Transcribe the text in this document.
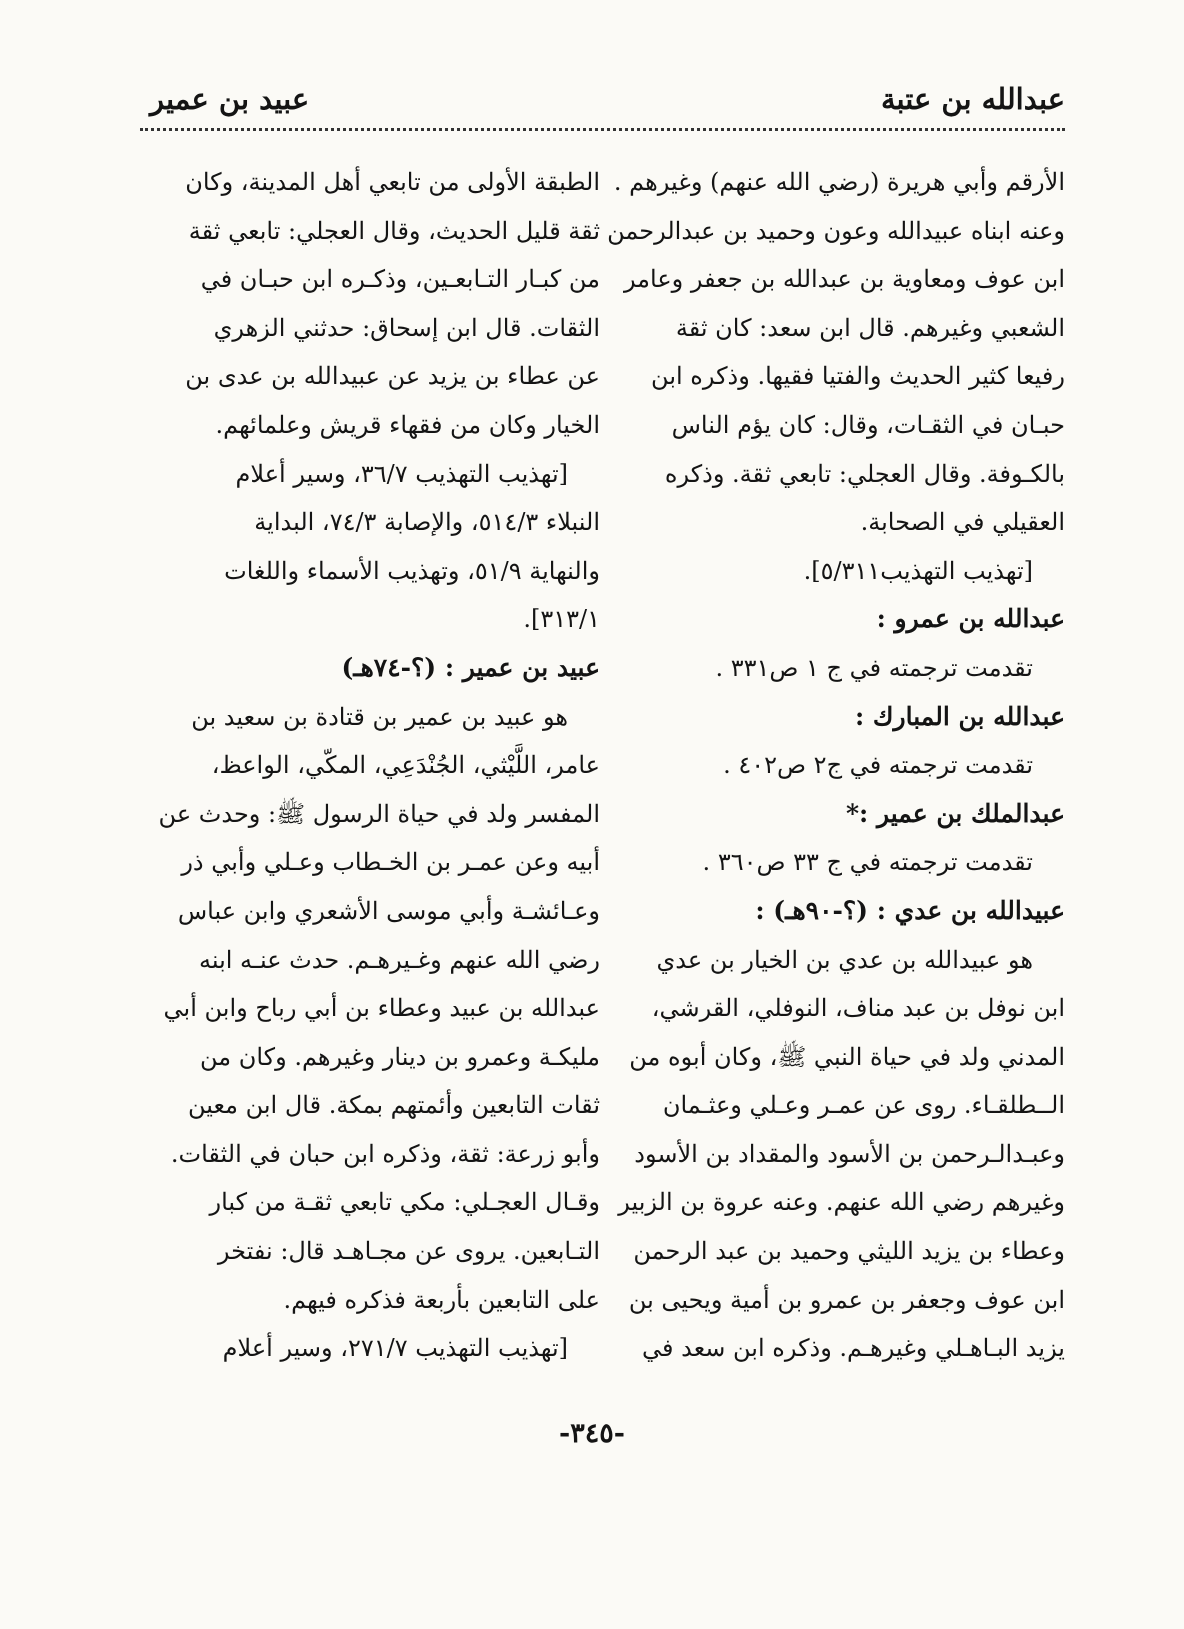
عبدالله بن عتبة
عبيد بن عمير
الأرقم وأبي هريرة (رضي الله عنهم) وغيرهم .
وعنه ابناه عبيدالله وعون وحميد بن عبدالرحمن
ابن عوف ومعاوية بن عبدالله بن جعفر وعامر
الشعبي وغيرهم. قال ابن سعد: كان ثقة
رفيعا كثير الحديث والفتيا فقيها. وذكره ابن
حبـان في الثقـات، وقال: كان يؤم الناس
بالكـوفة. وقال العجلي: تابعي ثقة. وذكره
العقيلي في الصحابة.
[تهذيب التهذيب٥/٣١١].
عبدالله بن عمرو :
تقدمت ترجمته في ج ١ ص٣٣١ .
عبدالله بن المبارك :
تقدمت ترجمته في ج٢ ص٤٠٢ .
عبدالملك بن عمير :*
تقدمت ترجمته في ج ٣٣ ص٣٦٠ .
عبيدالله بن عدي : (؟-٩٠هـ) :
هو عبيدالله بن عدي بن الخيار بن عدي
ابن نوفل بن عبد مناف، النوفلي، القرشي،
المدني ولد في حياة النبي ﷺ، وكان أبوه من
الــطلقـاء. روى عن عمـر وعـلي وعثـمان
وعبـدالـرحمن بن الأسود والمقداد بن الأسود
وغيرهم رضي الله عنهم. وعنه عروة بن الزبير
وعطاء بن يزيد الليثي وحميد بن عبد الرحمن
ابن عوف وجعفر بن عمرو بن أمية ويحيى بن
يزيد البـاهـلي وغيرهـم. وذكره ابن سعد في
الطبقة الأولى من تابعي أهل المدينة، وكان
ثقة قليل الحديث، وقال العجلي: تابعي ثقة
من كبـار التـابعـين، وذكـره ابن حبـان في
الثقات. قال ابن إسحاق: حدثني الزهري
عن عطاء بن يزيد عن عبيدالله بن عدى بن
الخيار وكان من فقهاء قريش وعلمائهم.
[تهذيب التهذيب ٣٦/٧، وسير أعلام
النبلاء ٥١٤/٣، والإصابة ٧٤/٣، البداية
والنهاية ٥١/٩، وتهذيب الأسماء واللغات
٣١٣/١].
عبيد بن عمير : (؟-٧٤هـ)
هو عبيد بن عمير بن قتادة بن سعيد بن
عامر، اللَّيْثي، الجُنْدَعِي، المكّي، الواعظ،
المفسر ولد في حياة الرسول ﷺ: وحدث عن
أبيه وعن عمـر بن الخـطاب وعـلي وأبي ذر
وعـائشـة وأبي موسى الأشعري وابن عباس
رضي الله عنهم وغـيرهـم. حدث عنـه ابنه
عبدالله بن عبيد وعطاء بن أبي رباح وابن أبي
مليكـة وعمرو بن دينار وغيرهم. وكان من
ثقات التابعين وأئمتهم بمكة. قال ابن معين
وأبو زرعة: ثقة، وذكره ابن حبان في الثقات.
وقـال العجـلي: مكي تابعي ثقـة من كبار
التـابعين. يروى عن مجـاهـد قال: نفتخر
على التابعين بأربعة فذكره فيهم.
[تهذيب التهذيب ٢٧١/٧، وسير أعلام
-٣٤٥-
